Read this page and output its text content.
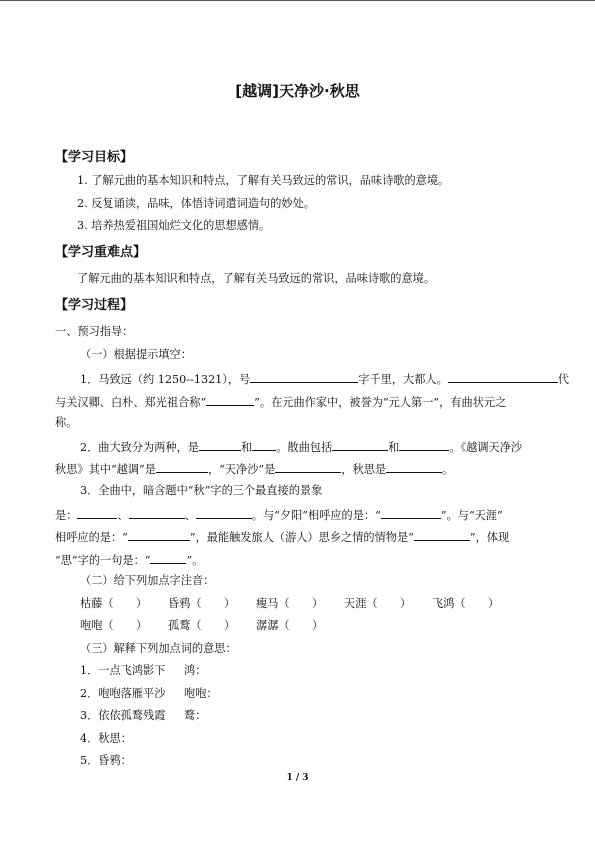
[越调]天净沙·秋思
【学习目标】
1. 了解元曲的基本知识和特点，了解有关马致远的常识，品味诗歌的意境。
2. 反复诵读，品味，体悟诗词遣词造句的妙处。
3. 培养热爱祖国灿烂文化的思想感情。
【学习重难点】
了解元曲的基本知识和特点，了解有关马致远的常识，品味诗歌的意境。
【学习过程】
一、预习指导：
（一）根据提示填空：
1．马致远（约 1250--1321），号	字千里，大都人。	代
与关汉卿、白朴、郑光祖合称“	”。在元曲作家中，被誉为“元人第一”，有曲状元之
称。
2．曲大致分为两种，是	和 。散曲包括	和	。《越调天净沙
秋思》其中“越调”是	，“天净沙”是	，秋思是	。
3．全曲中，暗含题中“秋”字的三个最直接的景象
是：	、	、	。与“夕阳”相呼应的是：“	”。与“天涯”
相呼应的是：“	”，最能触发旅人（游人）思乡之情的情物是“	”，体现
“思”字的一句是：“	”。
（二）给下列加点字注音：
枯藤（　　） 昏鸦（　　） 瘦马（　　） 天涯（　　） 飞鸿（　　）
咆咆（　　） 孤鹜（　　） 潺潺（　　）
（三）解释下列加点词的意思：
1．一点飞鸿影下 鸿：
2．咆咆落雁平沙 咆咆：
3．依依孤鹜残霞 鹜：
4．秋思：
5．昏鸦：
1 / 3
